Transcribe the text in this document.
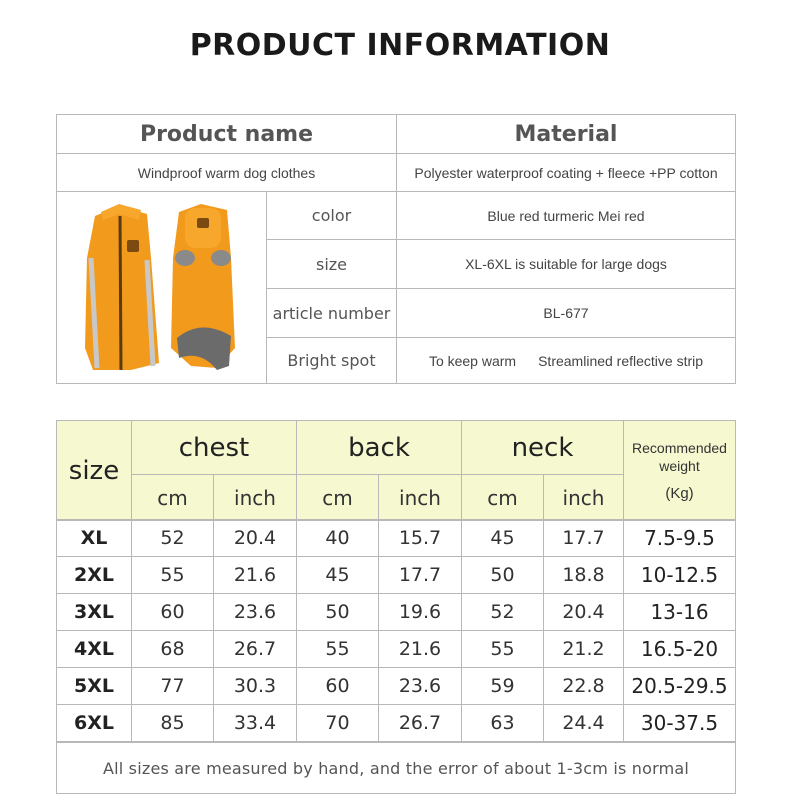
PRODUCT INFORMATION
Product name	Material
Windproof warm dog clothes	Polyester waterproof coating + fleece +PP cotton
color	Blue red turmeric Mei red
size	XL-6XL is suitable for large dogs
article number	BL-677
Bright spot	To keep warm Streamlined reflective strip
size
chest	back	neck
cm	inch	cm	inch	cm	inch
Recommended
weight
(Kg)
XL	52	20.4	40	15.7	45	17.7	7.5-9.5
2XL	55	21.6	45	17.7	50	18.8	10-12.5
3XL	60	23.6	50	19.6	52	20.4	13-16
4XL	68	26.7	55	21.6	55	21.2	16.5-20
5XL	77	30.3	60	23.6	59	22.8	20.5-29.5
6XL	85	33.4	70	26.7	63	24.4	30-37.5
All sizes are measured by hand, and the error of about 1-3cm is normal
